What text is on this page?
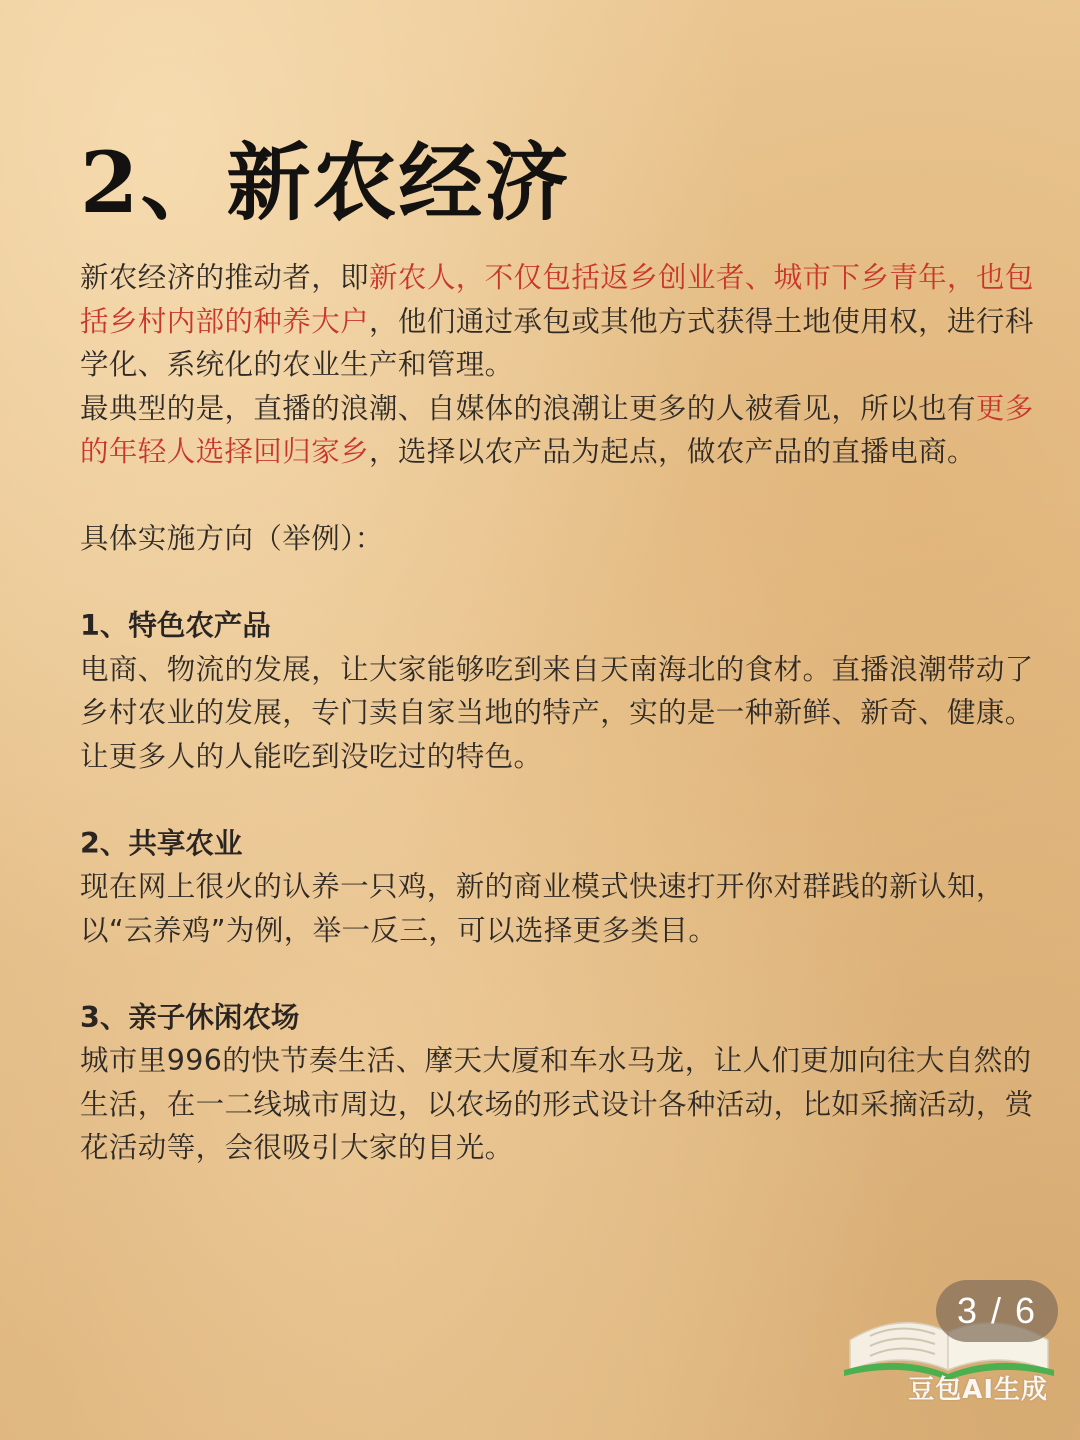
2、新农经济

新农经济的推动者，即新农人，不仅包括返乡创业者、城市下乡青年，也包括乡村内部的种养大户，他们通过承包或其他方式获得土地使用权，进行科学化、系统化的农业生产和管理。

最典型的是，直播的浪潮、自媒体的浪潮让更多的人被看见，所以也有更多的年轻人选择回归家乡，选择以农产品为起点，做农产品的直播电商。

具体实施方向（举例）：

1、特色农产品

电商、物流的发展，让大家能够吃到来自天南海北的食材。直播浪潮带动了乡村农业的发展，专门卖自家当地的特产，实的是一种新鲜、新奇、健康。

让更多人的人能吃到没吃过的特色。

2、共享农业

现在网上很火的认养一只鸡，新的商业模式快速打开你对群践的新认知，以“云养鸡”为例，举一反三，可以选择更多类目。

3、亲子休闲农场

城市里996的快节奏生活、摩天大厦和车水马龙，让人们更加向往大自然的生活，在一二线城市周边，以农场的形式设计各种活动，比如采摘活动，赏花活动等，会很吸引大家的目光。

3 / 6
豆包AI生成
